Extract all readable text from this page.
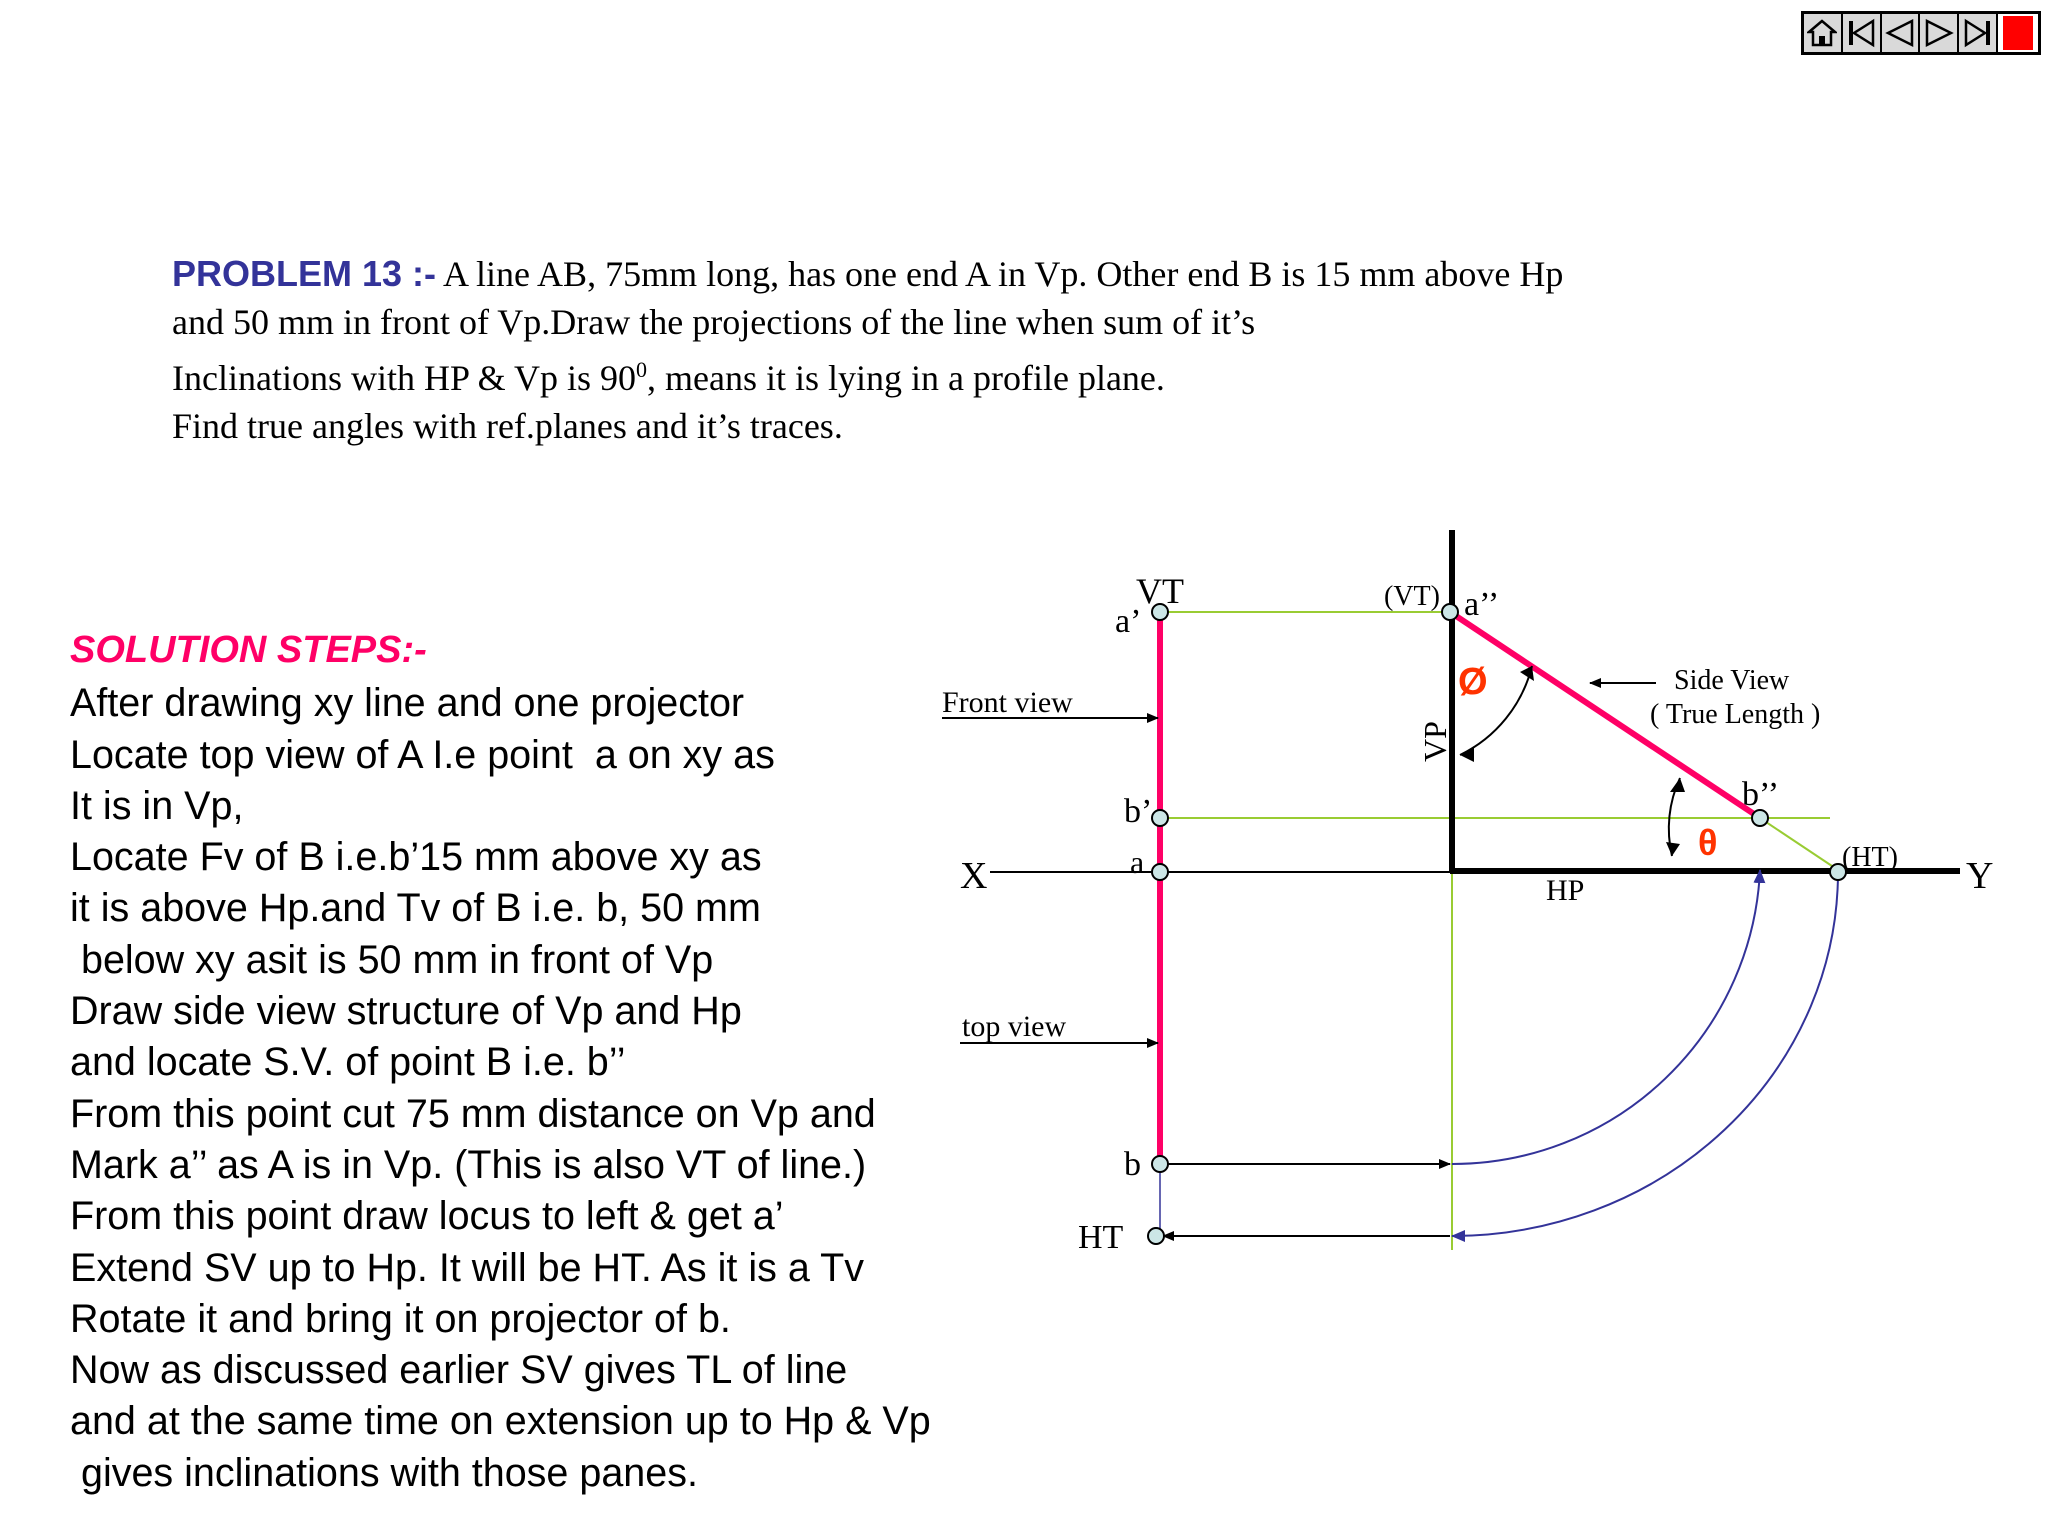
PROBLEM 13 :- A line AB, 75mm long, has one end A in Vp. Other end B is 15 mm above Hp
and 50 mm in front of Vp.Draw the projections of the line when sum of it’s
Inclinations with HP & Vp is $90^0$, means it is lying in a profile plane.
Find true angles with ref.planes and it’s traces.
SOLUTION STEPS:-
After drawing xy line and one projector
Locate top view of A I.e point  a on xy as
It is in Vp,
Locate Fv of B i.e.b’15 mm above xy as
it is above Hp.and Tv of B i.e. b, 50 mm
below xy asit is 50 mm in front of Vp
Draw side view structure of Vp and Hp
and locate S.V. of point B i.e. b’’
From this point cut 75 mm distance on Vp and
Mark a’’ as A is in Vp. (This is also VT of line.)
From this point draw locus to left & get a’
Extend SV up to Hp. It will be HT. As it is a Tv
Rotate it and bring it on projector of b.
Now as discussed earlier SV gives TL of line
and at the same time on extension up to Hp & Vp
gives inclinations with those panes.
VT
a’
Front view
b’
X	a
top view
b
HT
(VT) a’’
VP
Ø	Side View
( True Length )
b’’
θ	(HT) Y
HP
